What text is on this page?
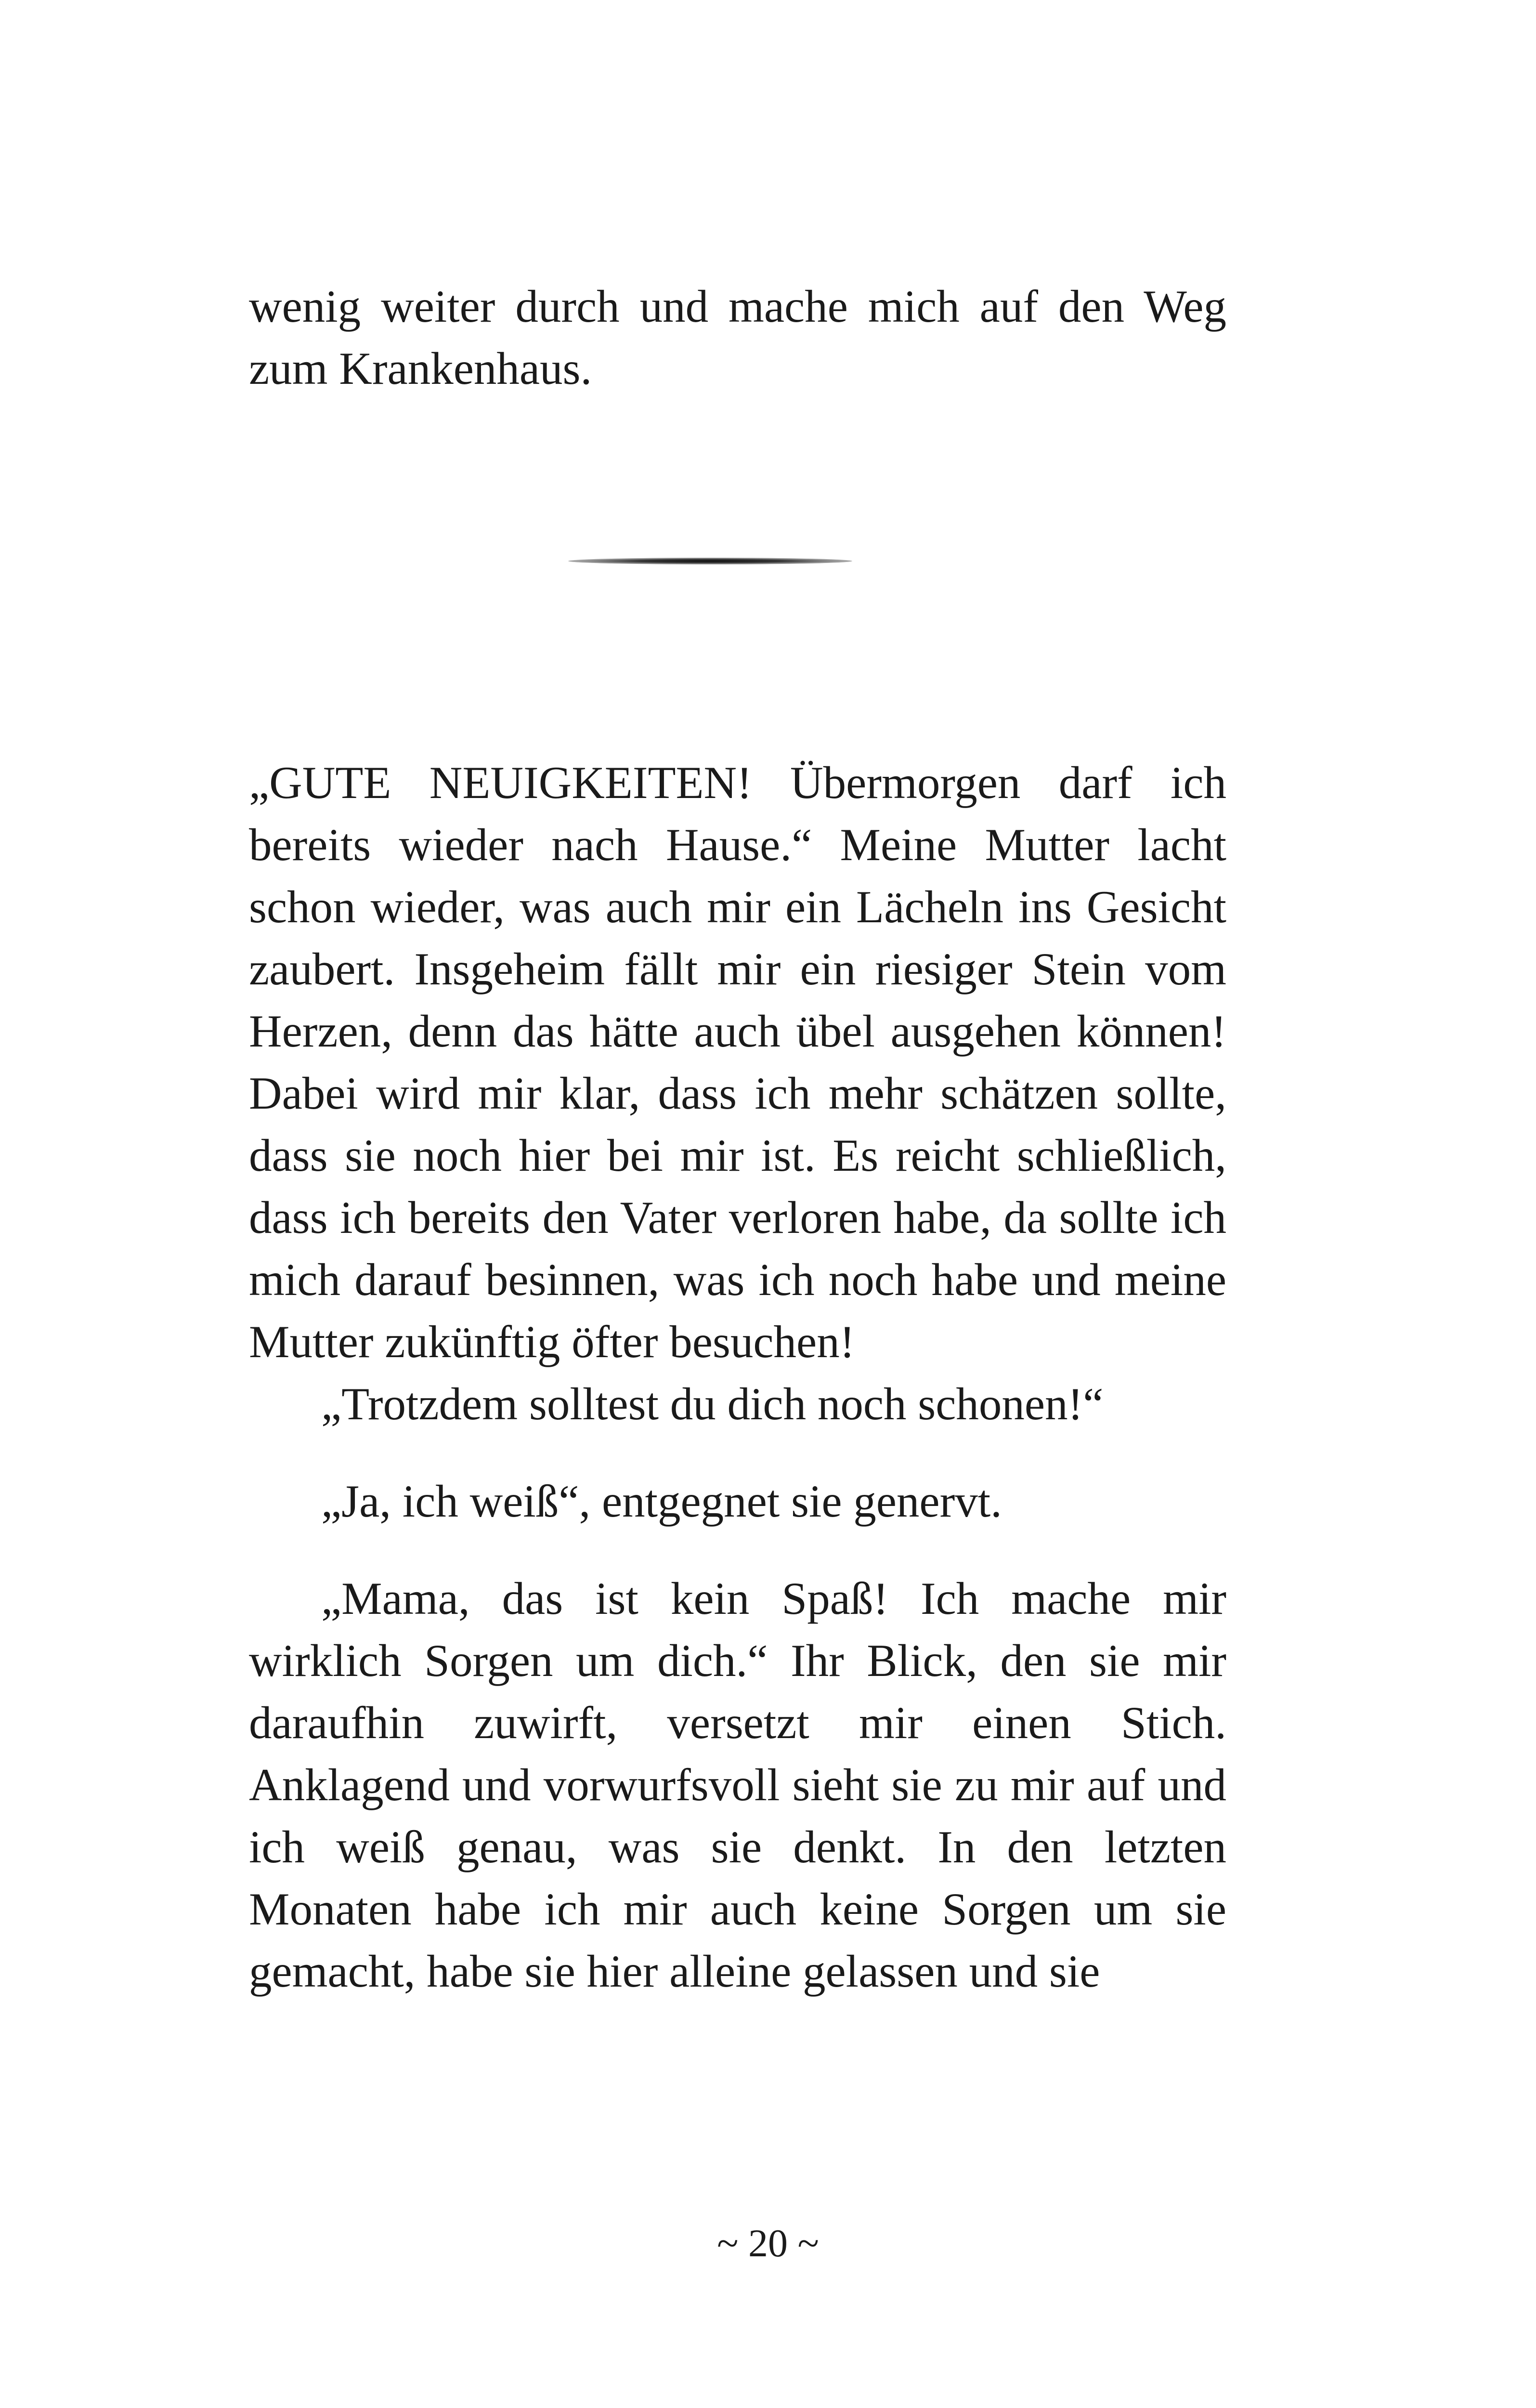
wenig weiter durch und mache mich auf den Weg zum Krankenhaus.

„GUTE NEUIGKEITEN! Übermorgen darf ich bereits wieder nach Hause.“ Meine Mutter lacht schon wieder, was auch mir ein Lächeln ins Gesicht zaubert. Insgeheim fällt mir ein riesiger Stein vom Herzen, denn das hätte auch übel ausgehen können! Dabei wird mir klar, dass ich mehr schätzen sollte, dass sie noch hier bei mir ist. Es reicht schließlich, dass ich bereits den Vater verloren habe, da sollte ich mich darauf besinnen, was ich noch habe und meine Mutter zukünftig öfter besuchen!

„Trotzdem solltest du dich noch schonen!“

„Ja, ich weiß“, entgegnet sie genervt.

„Mama, das ist kein Spaß! Ich mache mir wirklich Sorgen um dich.“ Ihr Blick, den sie mir daraufhin zuwirft, versetzt mir einen Stich. Anklagend und vorwurfsvoll sieht sie zu mir auf und ich weiß genau, was sie denkt. In den letzten Monaten habe ich mir auch keine Sorgen um sie gemacht, habe sie hier alleine gelassen und sie

~ 20 ~
